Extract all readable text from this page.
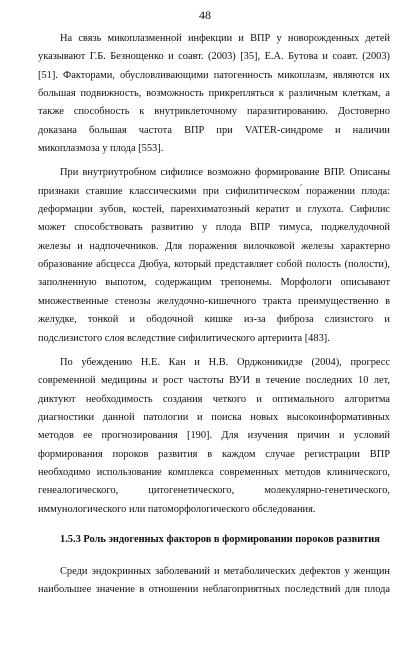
48

На связь микоплазменной инфекции и ВПР у новорожденных детей
указывают Г.Б. Безнощенко и соавт. (2003) [35], Е.А. Бутова и соавт. (2003)
[51]. Факторами, обусловливающими патогенность микоплазм, являются их
большая подвижность, возможность прикрепляться к различным клеткам, а
также способность к внутриклеточному паразитированию. Достоверно
доказана большая частота ВПР при VATER-синдроме и наличии
микоплазмоза у плода [553].

При внутриутробном сифилисе возможно формирование ВПР. Описаны
признаки ставшие классическими при сифилитическом ́поражении плода:
деформации зубов, костей, паренхиматозный кератит и глухота. Сифилис
может способствовать развитию у плода ВПР тимуса, поджелудочной
железы и надпочечников. Для поражения вилочковой железы характерно
образование абсцесса Дюбуа, который представляет собой полость (полости),
заполненную выпотом, содержащим трепонемы. Морфологи описывают
множественные стенозы желудочно-кишечного тракта преимущественно в
желудке, тонкой и ободочной кишке из-за фиброза слизистого и
подслизистого слоя вследствие сифилитического артериита [483].

По убеждению Н.Е. Кан и Н.В. Орджоникидзе (2004), прогресс
современной медицины и рост частоты ВУИ в течение последних 10 лет,
диктуют необходимость создания четкого и оптимального алгоритма
диагностики данной патологии и поиска новых высокоинформативных
методов ее прогнозирования [190]. Для изучения причин и условий
формирования пороков развития в каждом случае регистрации ВПР
необходимо использование комплекса современных методов клинического,
генеалогического, цитогенетического, молекулярно-генетического,
иммунологического или патоморфологического обследования.

1.5.3 Роль эндогенных факторов в формировании пороков развития

Среди эндокринных заболеваний и метаболических дефектов у женщин
наибольшее значение в отношении неблагоприятных последствий для плода
